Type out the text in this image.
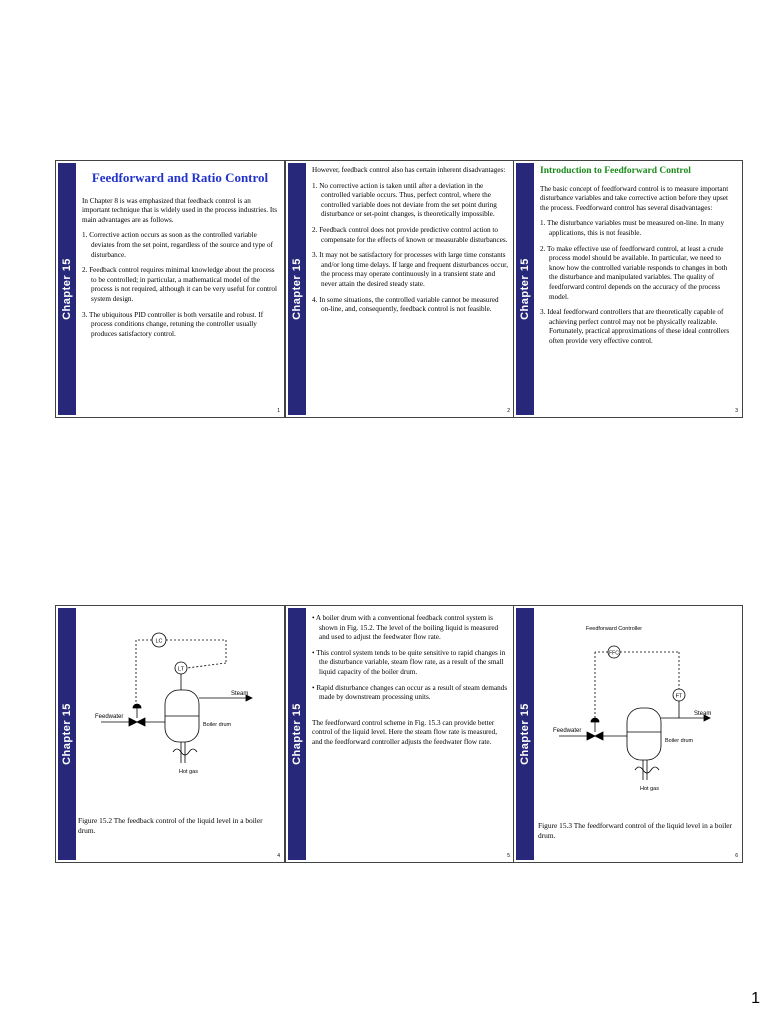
Chapter 15
Feedforward and Ratio Control
In Chapter 8 is was emphasized that feedback control is an important technique that is widely used in the process industries. Its main advantages are as follows.
1. Corrective action occurs as soon as the controlled variable deviates from the set point, regardless of the source and type of disturbance.
2. Feedback control requires minimal knowledge about the process to be controlled; in particular, a mathematical model of the process is not required, although it can be very useful for control system design.
3. The ubiquitous PID controller is both versatile and robust. If process conditions change, retuning the controller usually produces satisfactory control.
1
Chapter 15
However, feedback control also has certain inherent disadvantages:
1. No corrective action is taken until after a deviation in the controlled variable occurs. Thus, perfect control, where the controlled variable does not deviate from the set point during disturbance or set-point changes, is theoretically impossible.
2. Feedback control does not provide predictive control action to compensate for the effects of known or measurable disturbances.
3. It may not be satisfactory for processes with large time constants and/or long time delays. If large and frequent disturbances occur, the process may operate continuously in a transient state and never attain the desired steady state.
4. In some situations, the controlled variable cannot be measured on-line, and, consequently, feedback control is not feasible.
2
Chapter 15
Introduction to Feedforward Control
The basic concept of feedforward control is to measure important disturbance variables and take corrective action before they upset the process. Feedforward control has several disadvantages:
1. The disturbance variables must be measured on-line. In many applications, this is not feasible.
2. To make effective use of feedforward control, at least a crude process model should be available. In particular, we need to know how the controlled variable responds to changes in both the disturbance and manipulated variables. The quality of feedforward control depends on the accuracy of the process model.
3. Ideal feedforward controllers that are theoretically capable of achieving perfect control may not be physically realizable. Fortunately, practical approximations of these ideal controllers often provide very effective control.
3
Chapter 15
LC
LT
Steam
Feedwater
Boiler drum
Hot gas
Figure 15.2 The feedback control of the liquid level in a boiler drum.
4
Chapter 15
• A boiler drum with a conventional feedback control system is shown in Fig. 15.2. The level of the boiling liquid is measured and used to adjust the feedwater flow rate.
• This control system tends to be quite sensitive to rapid changes in the disturbance variable, steam flow rate, as a result of the small liquid capacity of the boiler drum.
• Rapid disturbance changes can occur as a result of steam demands made by downstream processing units.
The feedforward control scheme in Fig. 15.3 can provide better control of the liquid level. Here the steam flow rate is measured, and the feedforward controller adjusts the feedwater flow rate.
5
Chapter 15
Feedforward Controller
FFC
FT
Steam
Feedwater
Boiler drum
Hot gas
Figure 15.3 The feedforward control of the liquid level in a boiler drum.
6
1
